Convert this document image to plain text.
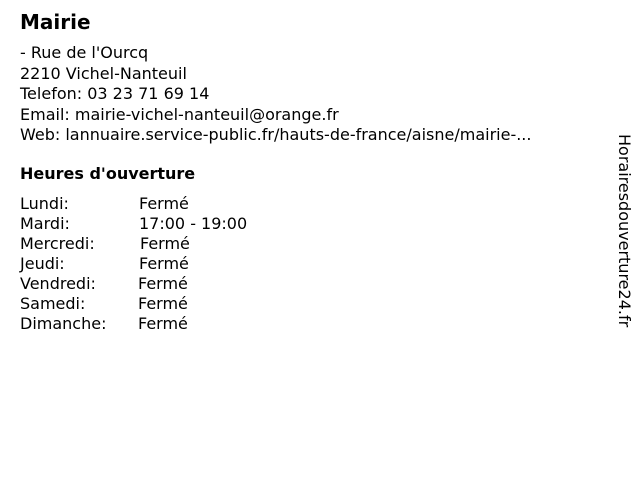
Mairie
- Rue de l'Ourcq
2210 Vichel-Nanteuil
Telefon: 03 23 71 69 14
Email: mairie-vichel-nanteuil@orange.fr
Web: lannuaire.service-public.fr/hauts-de-france/aisne/mairie-...
Heures d'ouverture
Lundi:	Fermé
Mardi:	17:00 - 19:00
Mercredi:	Fermé
Jeudi:	Fermé
Vendredi:	Fermé
Samedi:	Fermé
Dimanche: Fermé	Horairesdouverture24.fr
